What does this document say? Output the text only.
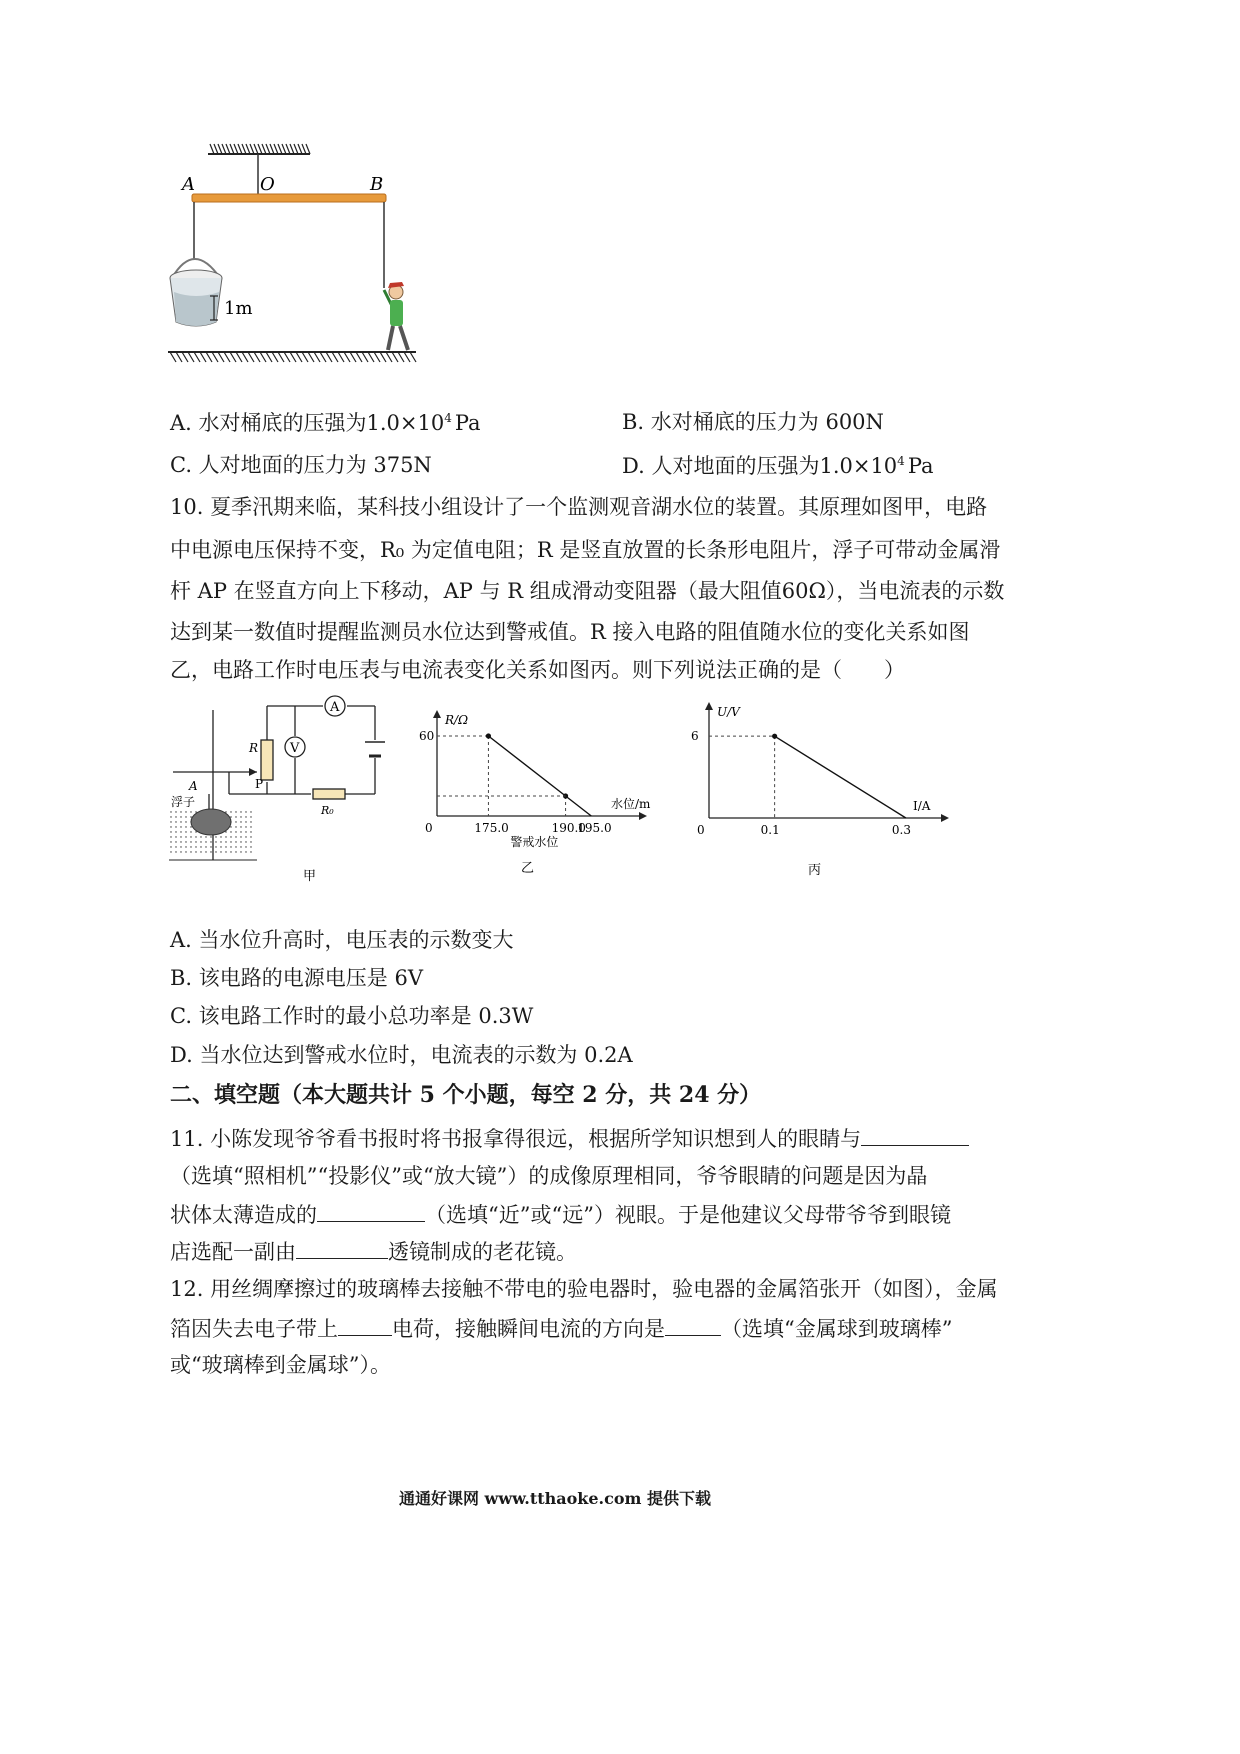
A	O	B
1m
A. 水对桶底的压强为$1.0\times 10^4$ Pa	B. 水对桶底的压力为 600N
C. 人对地面的压力为 375N	D. 人对地面的压强为$1.0\times 10^4$ Pa
10. 夏季汛期来临，某科技小组设计了一个监测观音湖水位的装置。其原理如图甲，电路
中电源电压保持不变，R₀ 为定值电阻；R 是竖直放置的长条形电阻片，浮子可带动金属滑
杆 AP 在竖直方向上下移动，AP 与 R 组成滑动变阻器（最大阻值60Ω），当电流表的示数
达到某一数值时提醒监测员水位达到警戒值。R 接入电路的阻值随水位的变化关系如图
乙，电路工作时电压表与电流表变化关系如图丙。则下列说法正确的是（　　）
A
V
R₀
R
P
A
浮子
甲
R/Ω
水位/m
0	175.0	190.0
195.0
60
警戒水位
乙
U/V
I/A
0	0.1	0.3
6
丙
A. 当水位升高时，电压表的示数变大
B. 该电路的电源电压是 6V
C. 该电路工作时的最小总功率是 0.3W
D. 当水位达到警戒水位时，电流表的示数为 0.2A
二、填空题（本大题共计 5 个小题，每空 2 分，共 24 分）
11. 小陈发现爷爷看书报时将书报拿得很远，根据所学知识想到人的眼睛与
（选填“照相机”“投影仪”或“放大镜”）的成像原理相同，爷爷眼睛的问题是因为晶
状体太薄造成的	（选填“近”或“远”）视眼。于是他建议父母带爷爷到眼镜
店选配一副由	透镜制成的老花镜。
12. 用丝绸摩擦过的玻璃棒去接触不带电的验电器时，验电器的金属箔张开（如图），金属
箔因失去电子带上	电荷，接触瞬间电流的方向是	（选填“金属球到玻璃棒”
或“玻璃棒到金属球”）。
通通好课网 www.tthaoke.com 提供下载
